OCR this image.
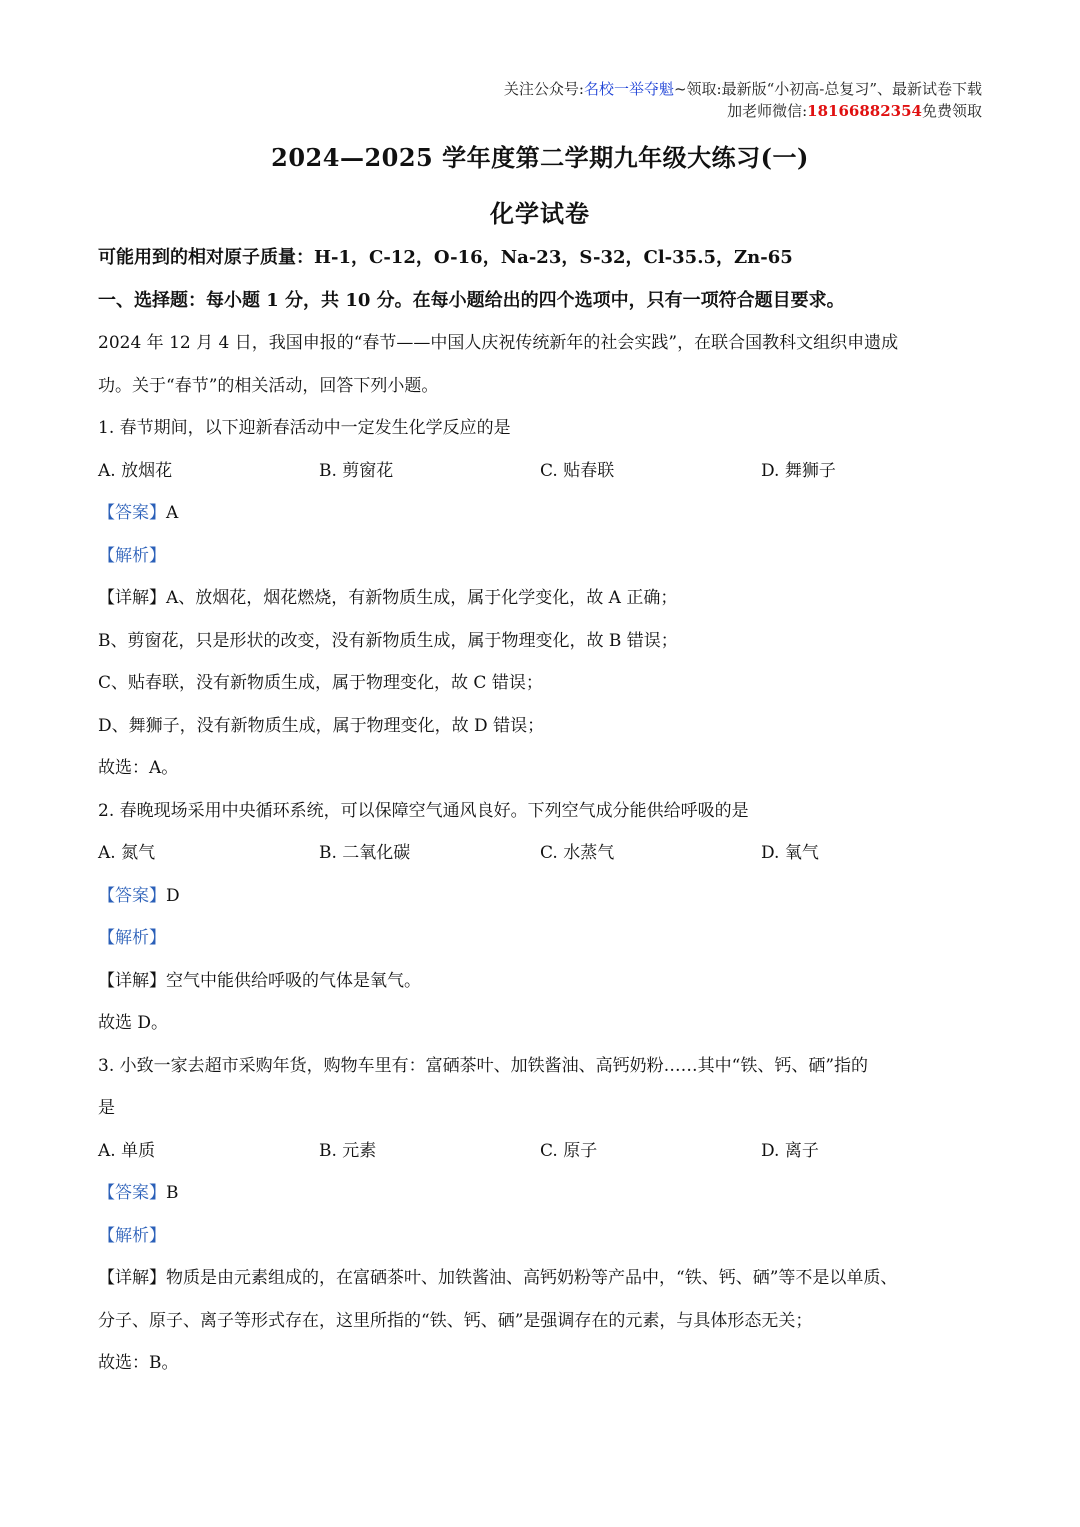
关注公众号:名校一举夺魁~领取:最新版“小初高-总复习”、最新试卷下载
加老师微信:18166882354免费领取
2024—2025 学年度第二学期九年级大练习(一)
化学试卷
可能用到的相对原子质量：H-1，C-12，O-16，Na-23，S-32，Cl-35.5，Zn-65
一、选择题：每小题 1 分，共 10 分。在每小题给出的四个选项中，只有一项符合题目要求。
2024 年 12 月 4 日，我国申报的“春节——中国人庆祝传统新年的社会实践”，在联合国教科文组织申遗成
功。关于“春节”的相关活动，回答下列小题。
1. 春节期间，以下迎新春活动中一定发生化学反应的是
A. 放烟花	B. 剪窗花	C. 贴春联	D. 舞狮子
【答案】A
【解析】
【详解】A、放烟花，烟花燃烧，有新物质生成，属于化学变化，故 A 正确；
B、剪窗花，只是形状的改变，没有新物质生成，属于物理变化，故 B 错误；
C、贴春联，没有新物质生成，属于物理变化，故 C 错误；
D、舞狮子，没有新物质生成，属于物理变化，故 D 错误；
故选：A。
2. 春晚现场采用中央循环系统，可以保障空气通风良好。下列空气成分能供给呼吸的是
A. 氮气	B. 二氧化碳	C. 水蒸气	D. 氧气
【答案】D
【解析】
【详解】空气中能供给呼吸的气体是氧气。
故选 D。
3. 小致一家去超市采购年货，购物车里有：富硒茶叶、加铁酱油、高钙奶粉……其中“铁、钙、硒”指的
是
A. 单质	B. 元素	C. 原子	D. 离子
【答案】B
【解析】
【详解】物质是由元素组成的，在富硒茶叶、加铁酱油、高钙奶粉等产品中，“铁、钙、硒”等不是以单质、
分子、原子、离子等形式存在，这里所指的“铁、钙、硒”是强调存在的元素，与具体形态无关；
故选：B。
